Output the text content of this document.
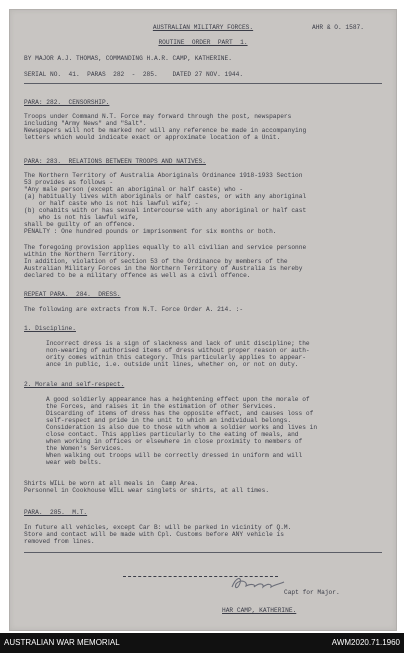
AUSTRALIAN MILITARY FORCES.	AHR & O. 1587.
ROUTINE  ORDER  PART  1.
BY MAJOR A.J. THOMAS, COMMANDING H.A.R. CAMP, KATHERINE.
SERIAL NO.  41.  PARAS  282  -  285.    DATED 27 NOV. 1944.
PARA: 282.  CENSORSHIP.
Troops under Command N.T. Force may forward through the post, newspapers
including "Army News" and "Salt".
Newspapers will not be marked nor will any reference be made in accompanying
letters which would indicate exact or approximate location of a Unit.
PARA: 283.  RELATIONS BETWEEN TROOPS AND NATIVES.
The Northern Territory of Australia Aboriginals Ordinance 1918-1933 Section
53 provides as follows -
"Any male person (except an aboriginal or half caste) who -
(a) habitually lives with aboriginals or half castes, or with any aboriginal
or half caste who is not his lawful wife; -
(b) cohabits with or has sexual intercourse with any aboriginal or half cast
who is not his lawful wife,
shall be guilty of an offence.
PENALTY : One hundred pounds or imprisonment for six months or both.
The foregoing provision applies equally to all civilian and service personne
within the Northern Territory.
In addition, violation of section 53 of the Ordinance by members of the
Australian Military Forces in the Northern Territory of Australia is hereby
declared to be a military offence as well as a civil offence.
REPEAT PARA.  284.  DRESS.
The following are extracts from N.T. Force Order A. 214. :-
1. Discipline.
Incorrect dress is a sign of slackness and lack of unit discipline; the
non-wearing of authorised items of dress without proper reason or auth-
ority comes within this category. This particularly applies to appear-
ance in public, i.e. outside unit lines, whether on, or not on duty.
2. Morale and self-respect.
A good soldierly appearance has a heightening effect upon the morale of
the Forces, and raises it in the estimation of other Services.
Discarding of items of dress has the opposite effect, and causes loss of
self-respect and pride in the unit to which an individual belongs.
Consideration is also due to those with whom a soldier works and lives in
close contact. This applies particularly to the eating of meals, and
when working in offices or elsewhere in close proximity to members of
the Women's Services.
When walking out troops will be correctly dressed in uniform and will
wear web belts.
Shirts WILL be worn at all meals in  Camp Area.
Personnel in Cookhouse WILL wear singlets or shirts, at all times.
PARA.  285.  M.T.
In future all vehicles, except Car B: will be parked in vicinity of Q.M.
Store and contact will be made with Cpl. Customs before ANY vehicle is
removed from lines.
Capt for Major.
HAR CAMP, KATHERINE.
AUSTRALIAN WAR MEMORIAL	AWM2020.71.1960
